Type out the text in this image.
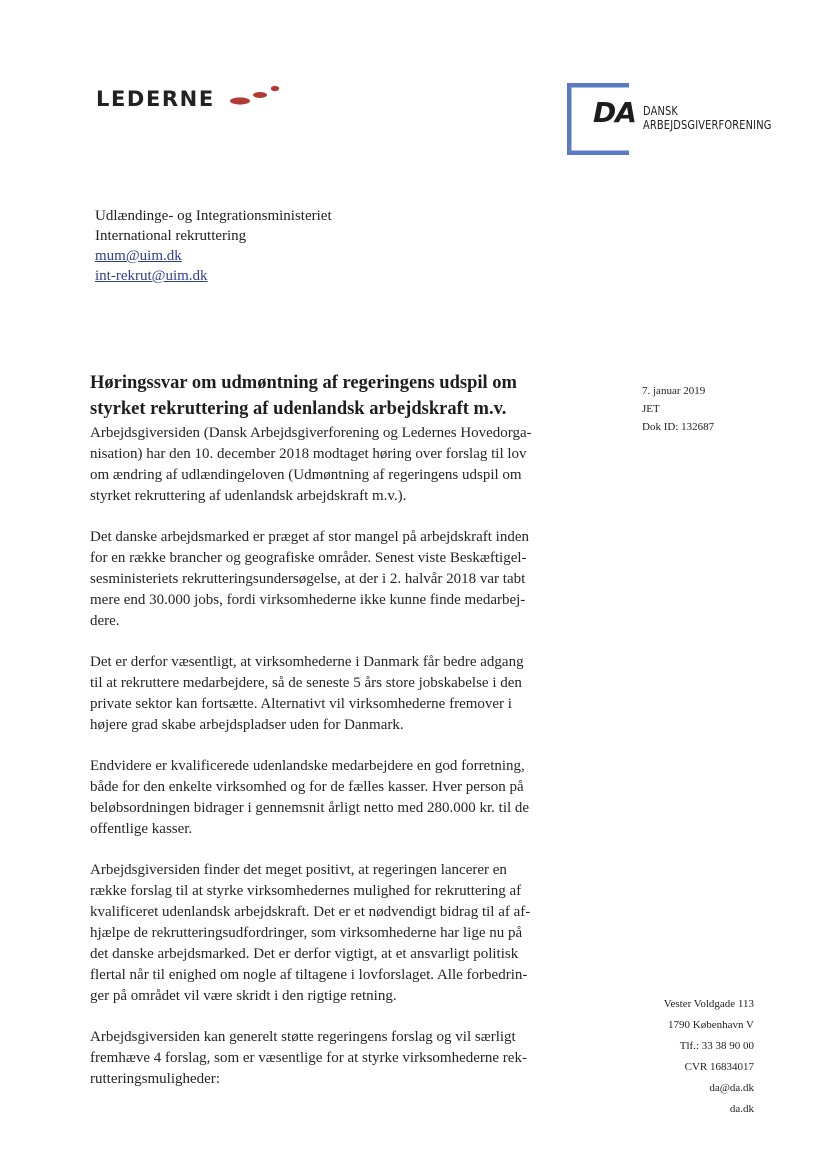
LEDERNE	DA DANSK
ARBEJDSGIVERFORENING
Udlændinge- og Integrationsministeriet
International rekruttering
mum@uim.dk
int-rekrut@uim.dk
7. januar 2019
JET
Dok ID: 132687
Høringssvar om udmøntning af regeringens udspil om
styrket rekruttering af udenlandsk arbejdskraft m.v.
Arbejdsgiversiden (Dansk Arbejdsgiverforening og Ledernes Hovedorga-
nisation) har den 10. december 2018 modtaget høring over forslag til lov
om ændring af udlændingeloven (Udmøntning af regeringens udspil om
styrket rekruttering af udenlandsk arbejdskraft m.v.).
Det danske arbejdsmarked er præget af stor mangel på arbejdskraft inden
for en række brancher og geografiske områder. Senest viste Beskæftigel-
sesministeriets rekrutteringsundersøgelse, at der i 2. halvår 2018 var tabt
mere end 30.000 jobs, fordi virksomhederne ikke kunne finde medarbej-
dere.
Det er derfor væsentligt, at virksomhederne i Danmark får bedre adgang
til at rekruttere medarbejdere, så de seneste 5 års store jobskabelse i den
private sektor kan fortsætte. Alternativt vil virksomhederne fremover i
højere grad skabe arbejdspladser uden for Danmark.
Endvidere er kvalificerede udenlandske medarbejdere en god forretning,
både for den enkelte virksomhed og for de fælles kasser. Hver person på
beløbsordningen bidrager i gennemsnit årligt netto med 280.000 kr. til de
offentlige kasser.
Arbejdsgiversiden finder det meget positivt, at regeringen lancerer en
række forslag til at styrke virksomhedernes mulighed for rekruttering af
kvalificeret udenlandsk arbejdskraft. Det er et nødvendigt bidrag til af af-
hjælpe de rekrutteringsudfordringer, som virksomhederne har lige nu på
det danske arbejdsmarked. Det er derfor vigtigt, at et ansvarligt politisk
flertal når til enighed om nogle af tiltagene i lovforslaget. Alle forbedrin-
ger på området vil være skridt i den rigtige retning.
Arbejdsgiversiden kan generelt støtte regeringens forslag og vil særligt
fremhæve 4 forslag, som er væsentlige for at styrke virksomhederne rek-
rutteringsmuligheder:
Vester Voldgade 113
1790 København V
Tlf.: 33 38 90 00
CVR 16834017
da@da.dk
da.dk
